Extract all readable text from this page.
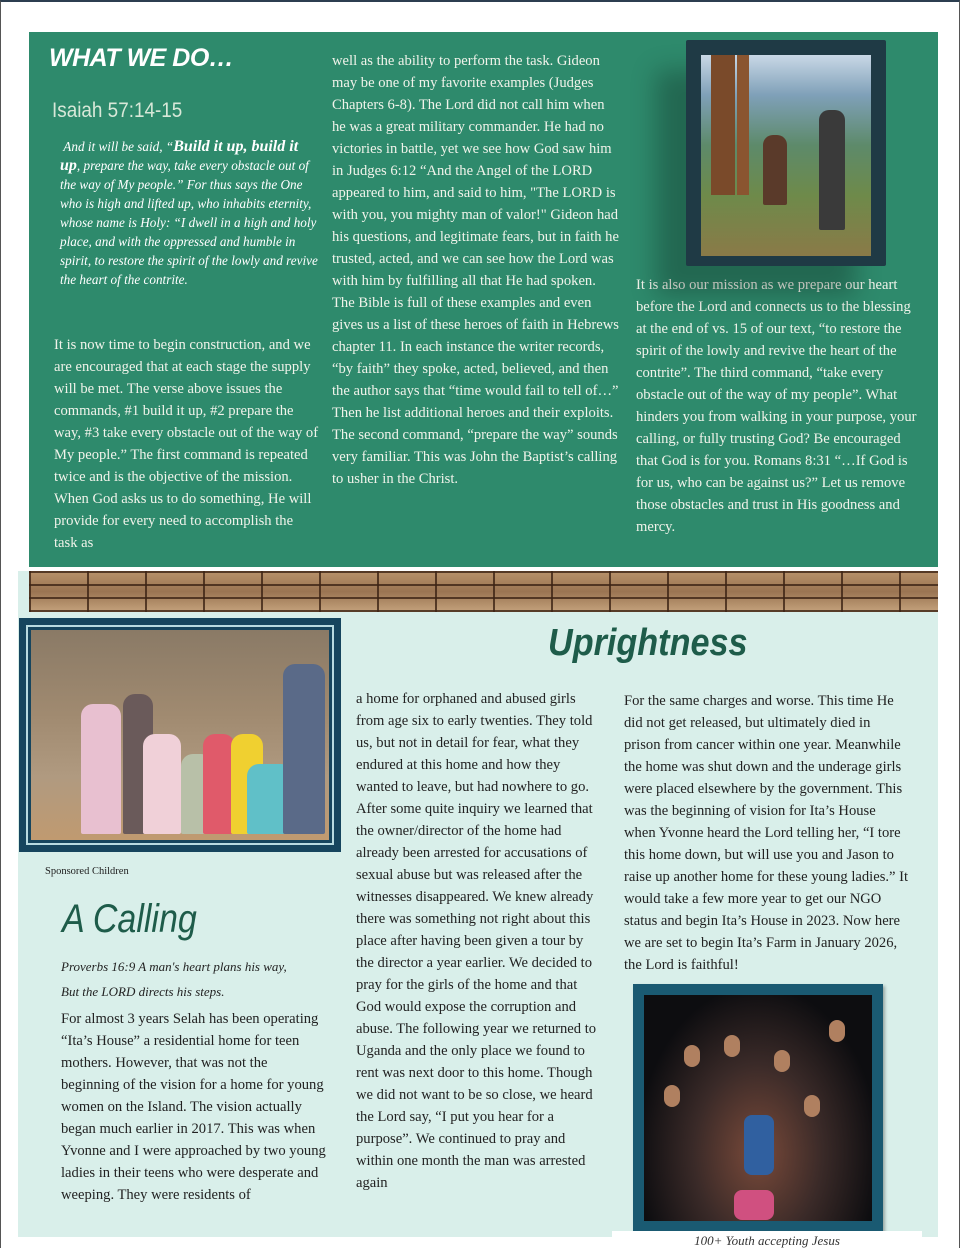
WHAT WE DO…
Isaiah 57:14-15
And it will be said, “Build it up, build it up, prepare the way, take every obstacle out of the way of My people.” For thus says the One who is high and lifted up, who inhabits eternity, whose name is Holy: “I dwell in a high and holy place, and with the oppressed and humble in spirit, to restore the spirit of the lowly and revive the heart of the contrite.
It is now time to begin construction, and we are encouraged that at each stage the supply will be met. The verse above issues the commands, #1 build it up, #2 prepare the way, #3 take every obstacle out of the way of My people.” The first command is repeated twice and is the objective of the mission. When God asks us to do something, He will provide for every need to accomplish the task as
well as the ability to perform the task. Gideon may be one of my favorite examples (Judges Chapters 6-8). The Lord did not call him when he was a great military commander. He had no victories in battle, yet we see how God saw him in Judges 6:12 “And the Angel of the LORD appeared to him, and said to him, "The LORD is with you, you mighty man of valor!" Gideon had his questions, and legitimate fears, but in faith he trusted, acted, and we can see how the Lord was with him by fulfilling all that He had spoken. The Bible is full of these examples and even gives us a list of these heroes of faith in Hebrews chapter 11. In each instance the writer records, “by faith” they spoke, acted, believed, and then the author says that “time would fail to tell of…” Then he list additional heroes and their exploits. The second command, “prepare the way” sounds very familiar. This was John the Baptist’s calling to usher in the Christ.
It is also our mission as we prepare our heart before the Lord and connects us to the blessing at the end of vs. 15 of our text, “to restore the spirit of the lowly and revive the heart of the contrite”. The third command, “take every obstacle out of the way of my people”. What hinders you from walking in your purpose, your calling, or fully trusting God? Be encouraged that God is for you. Romans 8:31 “…If God is for us, who can be against us?” Let us remove those obstacles and trust in His goodness and mercy.
Sponsored Children
A Calling
Proverbs 16:9 A man's heart plans his way,
But the LORD directs his steps.
For almost 3 years Selah has been operating “Ita’s House” a residential home for teen mothers. However, that was not the beginning of the vision for a home for young women on the Island. The vision actually began much earlier in 2017. This was when Yvonne and I were approached by two young ladies in their teens who were desperate and weeping. They were residents of
Uprightness
a home for orphaned and abused girls from age six to early twenties. They told us, but not in detail for fear, what they endured at this home and how they wanted to leave, but had nowhere to go. After some quite inquiry we learned that the owner/director of the home had already been arrested for accusations of sexual abuse but was released after the witnesses disappeared. We knew already there was something not right about this place after having been given a tour by the director a year earlier. We decided to pray for the girls of the home and that God would expose the corruption and abuse. The following year we returned to Uganda and the only place we found to rent was next door to this home. Though we did not want to be so close, we heard the Lord say, “I put you hear for a purpose”. We continued to pray and within one month the man was arrested again
For the same charges and worse. This time He did not get released, but ultimately died in prison from cancer within one year. Meanwhile the home was shut down and the underage girls were placed elsewhere by the government. This was the beginning of vision for Ita’s House when Yvonne heard the Lord telling her, “I tore this home down, but will use you and Jason to raise up another home for these young ladies.” It would take a few more year to get our NGO status and begin Ita’s House in 2023. Now here we are set to begin Ita’s Farm in January 2026, the Lord is faithful!
100+ Youth accepting Jesus
